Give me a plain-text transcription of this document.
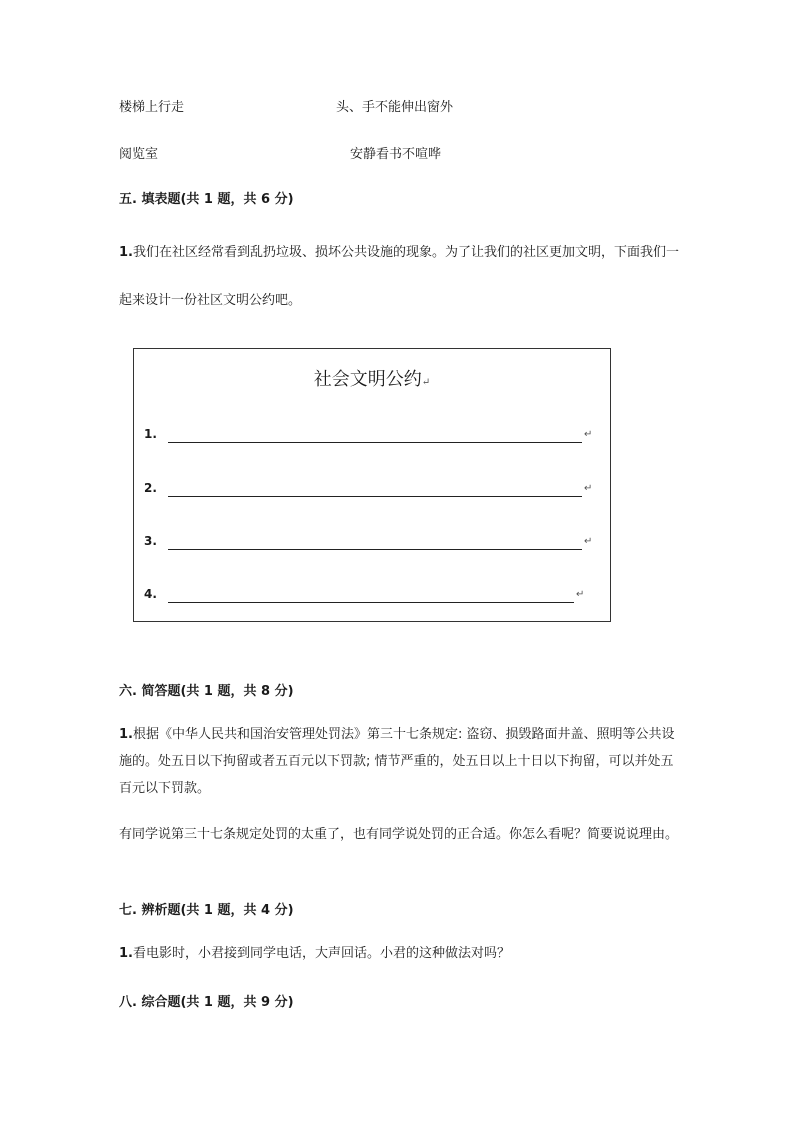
楼梯上行走	头、手不能伸出窗外
阅览室	安静看书不喧哗
五. 填表题(共 1 题，共 6 分)
1.我们在社区经常看到乱扔垃圾、损坏公共设施的现象。为了让我们的社区更加文明，下面我们一起来设计一份社区文明公约吧。
社会文明公约↵
1.	↵
2.	↵
3.	↵
4.	↵
六. 简答题(共 1 题，共 8 分)
1.根据《中华人民共和国治安管理处罚法》第三十七条规定: 盗窃、损毁路面井盖、照明等公共设施的。处五日以下拘留或者五百元以下罚款; 情节严重的，处五日以上十日以下拘留，可以并处五百元以下罚款。
有同学说第三十七条规定处罚的太重了，也有同学说处罚的正合适。你怎么看呢？简要说说理由。
七. 辨析题(共 1 题，共 4 分)
1.看电影时，小君接到同学电话，大声回话。小君的这种做法对吗？
八. 综合题(共 1 题，共 9 分)
